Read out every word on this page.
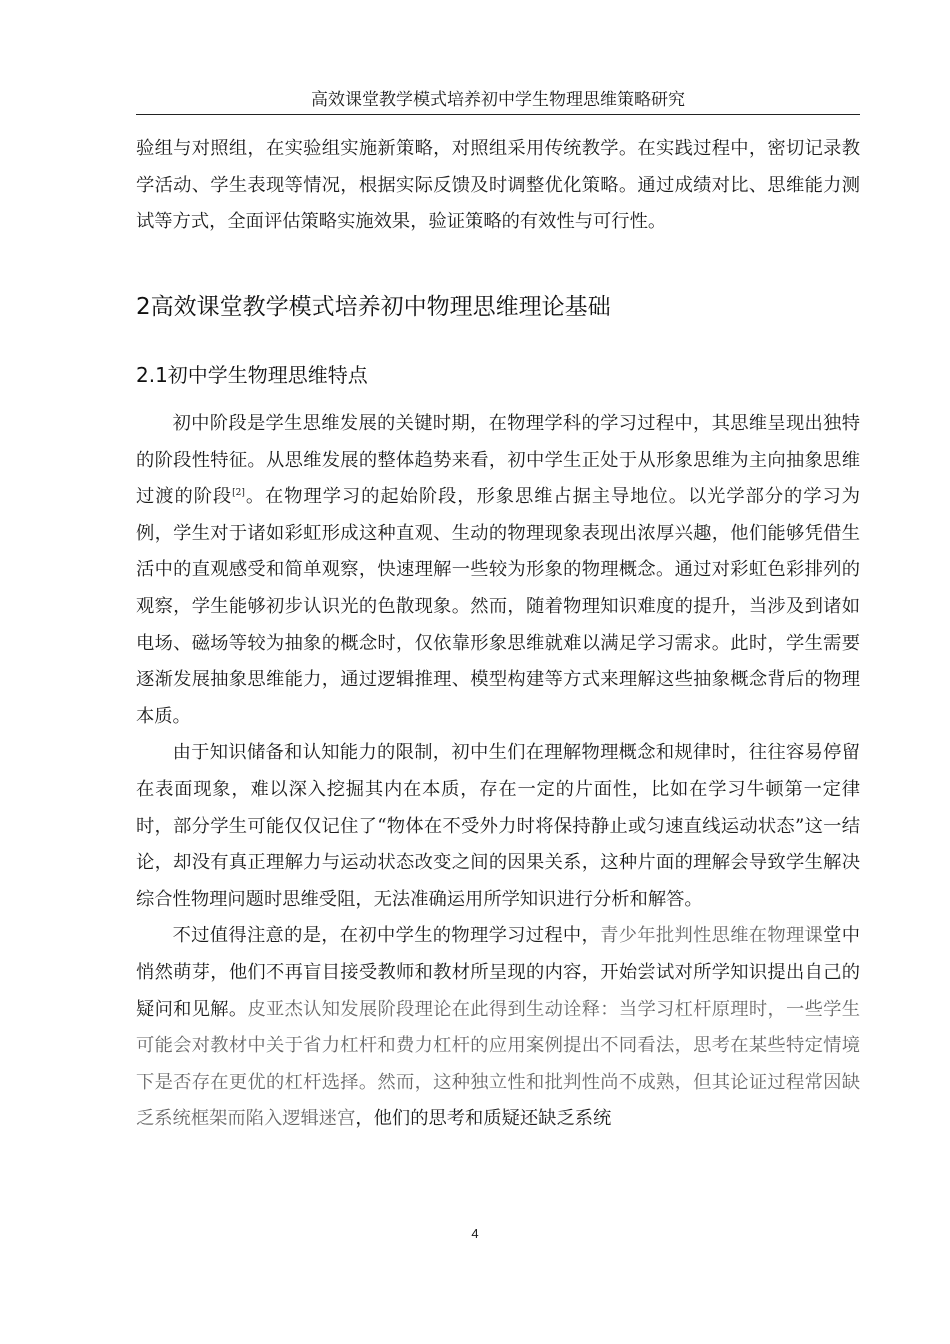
高效课堂教学模式培养初中学生物理思维策略研究

验组与对照组，在实验组实施新策略，对照组采用传统教学。在实践过程中，密切记录教学活动、学生表现等情况，根据实际反馈及时调整优化策略。通过成绩对比、思维能力测试等方式，全面评估策略实施效果，验证策略的有效性与可行性。

2高效课堂教学模式培养初中物理思维理论基础
2.1初中学生物理思维特点

初中阶段是学生思维发展的关键时期，在物理学科的学习过程中，其思维呈现出独特的阶段性特征。从思维发展的整体趋势来看，初中学生正处于从形象思维为主向抽象思维过渡的阶段[2]。在物理学习的起始阶段，形象思维占据主导地位。以光学部分的学习为例，学生对于诸如彩虹形成这种直观、生动的物理现象表现出浓厚兴趣，他们能够凭借生活中的直观感受和简单观察，快速理解一些较为形象的物理概念。通过对彩虹色彩排列的观察，学生能够初步认识光的色散现象。然而，随着物理知识难度的提升，当涉及到诸如电场、磁场等较为抽象的概念时，仅依靠形象思维就难以满足学习需求。此时，学生需要逐渐发展抽象思维能力，通过逻辑推理、模型构建等方式来理解这些抽象概念背后的物理本质。

由于知识储备和认知能力的限制，初中生们在理解物理概念和规律时，往往容易停留在表面现象，难以深入挖掘其内在本质，存在一定的片面性，比如在学习牛顿第一定律时，部分学生可能仅仅记住了“物体在不受外力时将保持静止或匀速直线运动状态”这一结论，却没有真正理解力与运动状态改变之间的因果关系，这种片面的理解会导致学生解决综合性物理问题时思维受阻，无法准确运用所学知识进行分析和解答。

不过值得注意的是，在初中学生的物理学习过程中，青少年批判性思维在物理课堂中悄然萌芽，他们不再盲目接受教师和教材所呈现的内容，开始尝试对所学知识提出自己的疑问和见解。皮亚杰认知发展阶段理论在此得到生动诠释：当学习杠杆原理时，一些学生可能会对教材中关于省力杠杆和费力杠杆的应用案例提出不同看法，思考在某些特定情境下是否存在更优的杠杆选择。然而，这种独立性和批判性尚不成熟，但其论证过程常因缺乏系统框架而陷入逻辑迷宫，他们的思考和质疑还缺乏系统

4
